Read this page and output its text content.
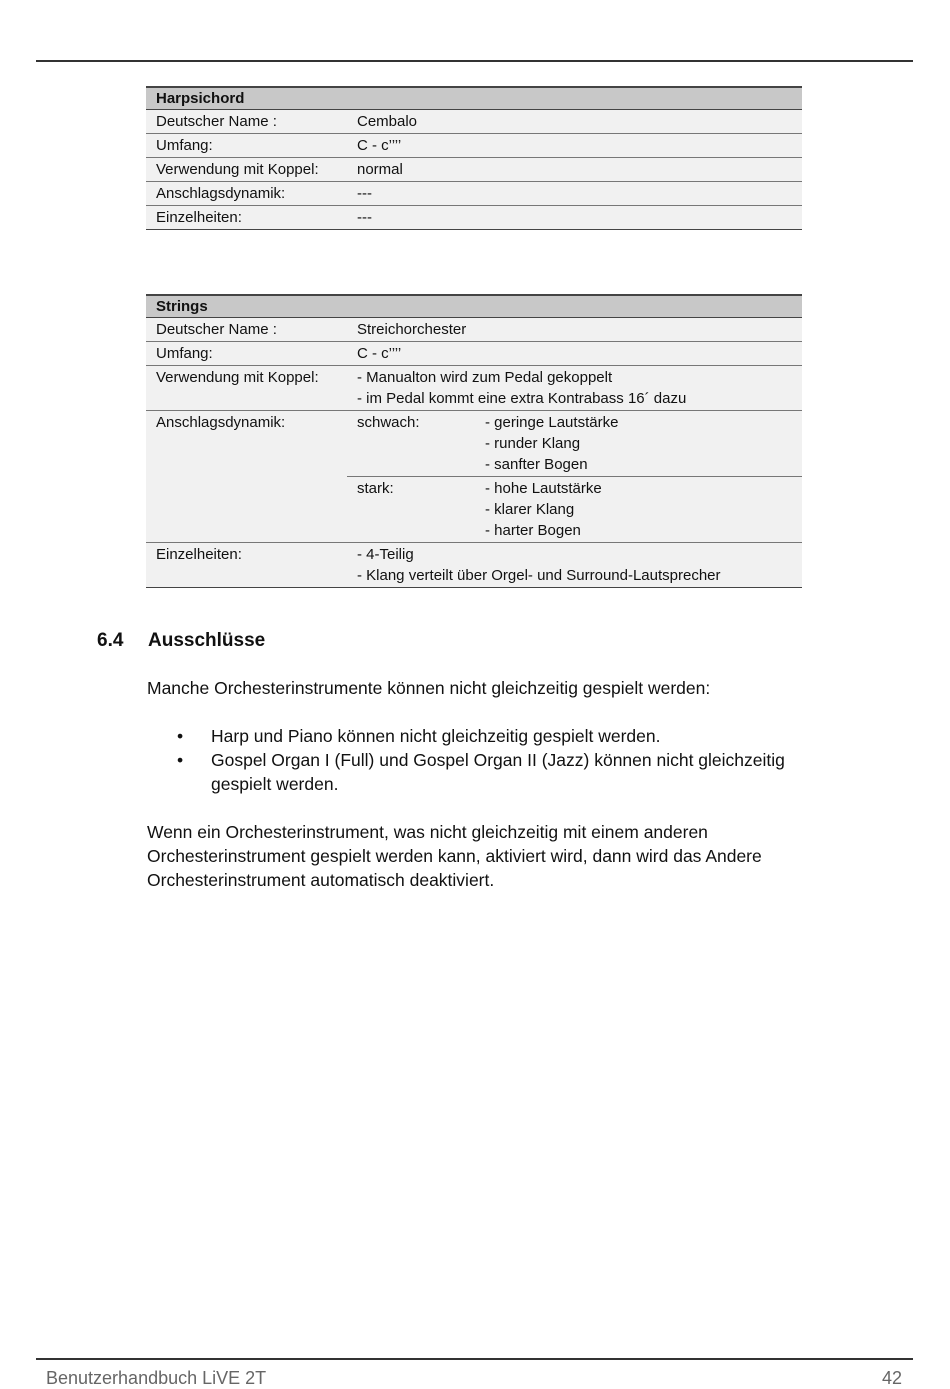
Harpsichord	
Deutscher Name :	Cembalo
Umfang:	C - c’’’’
Verwendung mit Koppel:	normal
Anschlagsdynamik:	---
Einzelheiten:	---
Strings		
Deutscher Name :	Streichorchester	
Umfang:	C - c’’’’	
Verwendung mit Koppel:	- Manualton wird zum Pedal gekoppelt
- im Pedal kommt eine extra Kontrabass 16´ dazu	

Anschlagsdynamik:	schwach:	- geringe Lautstärke
- runder Klang
- sanfter Bogen

	stark:	- hohe Lautstärke
- klarer Klang
- harter Bogen

Einzelheiten:	- 4-Teilig
- Klang verteilt über Orgel- und Surround-Lautsprecher	
6.4 Ausschlüsse

Manche Orchesterinstrumente können nicht gleichzeitig gespielt werden:

• Harp und Piano können nicht gleichzeitig gespielt werden.
• Gospel Organ I (Full) und Gospel Organ II (Jazz) können nicht gleichzeitig gespielt werden.

Wenn ein Orchesterinstrument, was nicht gleichzeitig mit einem anderen Orchesterinstrument gespielt werden kann, aktiviert wird, dann wird das Andere Orchesterinstrument automatisch deaktiviert.

Benutzerhandbuch LiVE 2T	42
